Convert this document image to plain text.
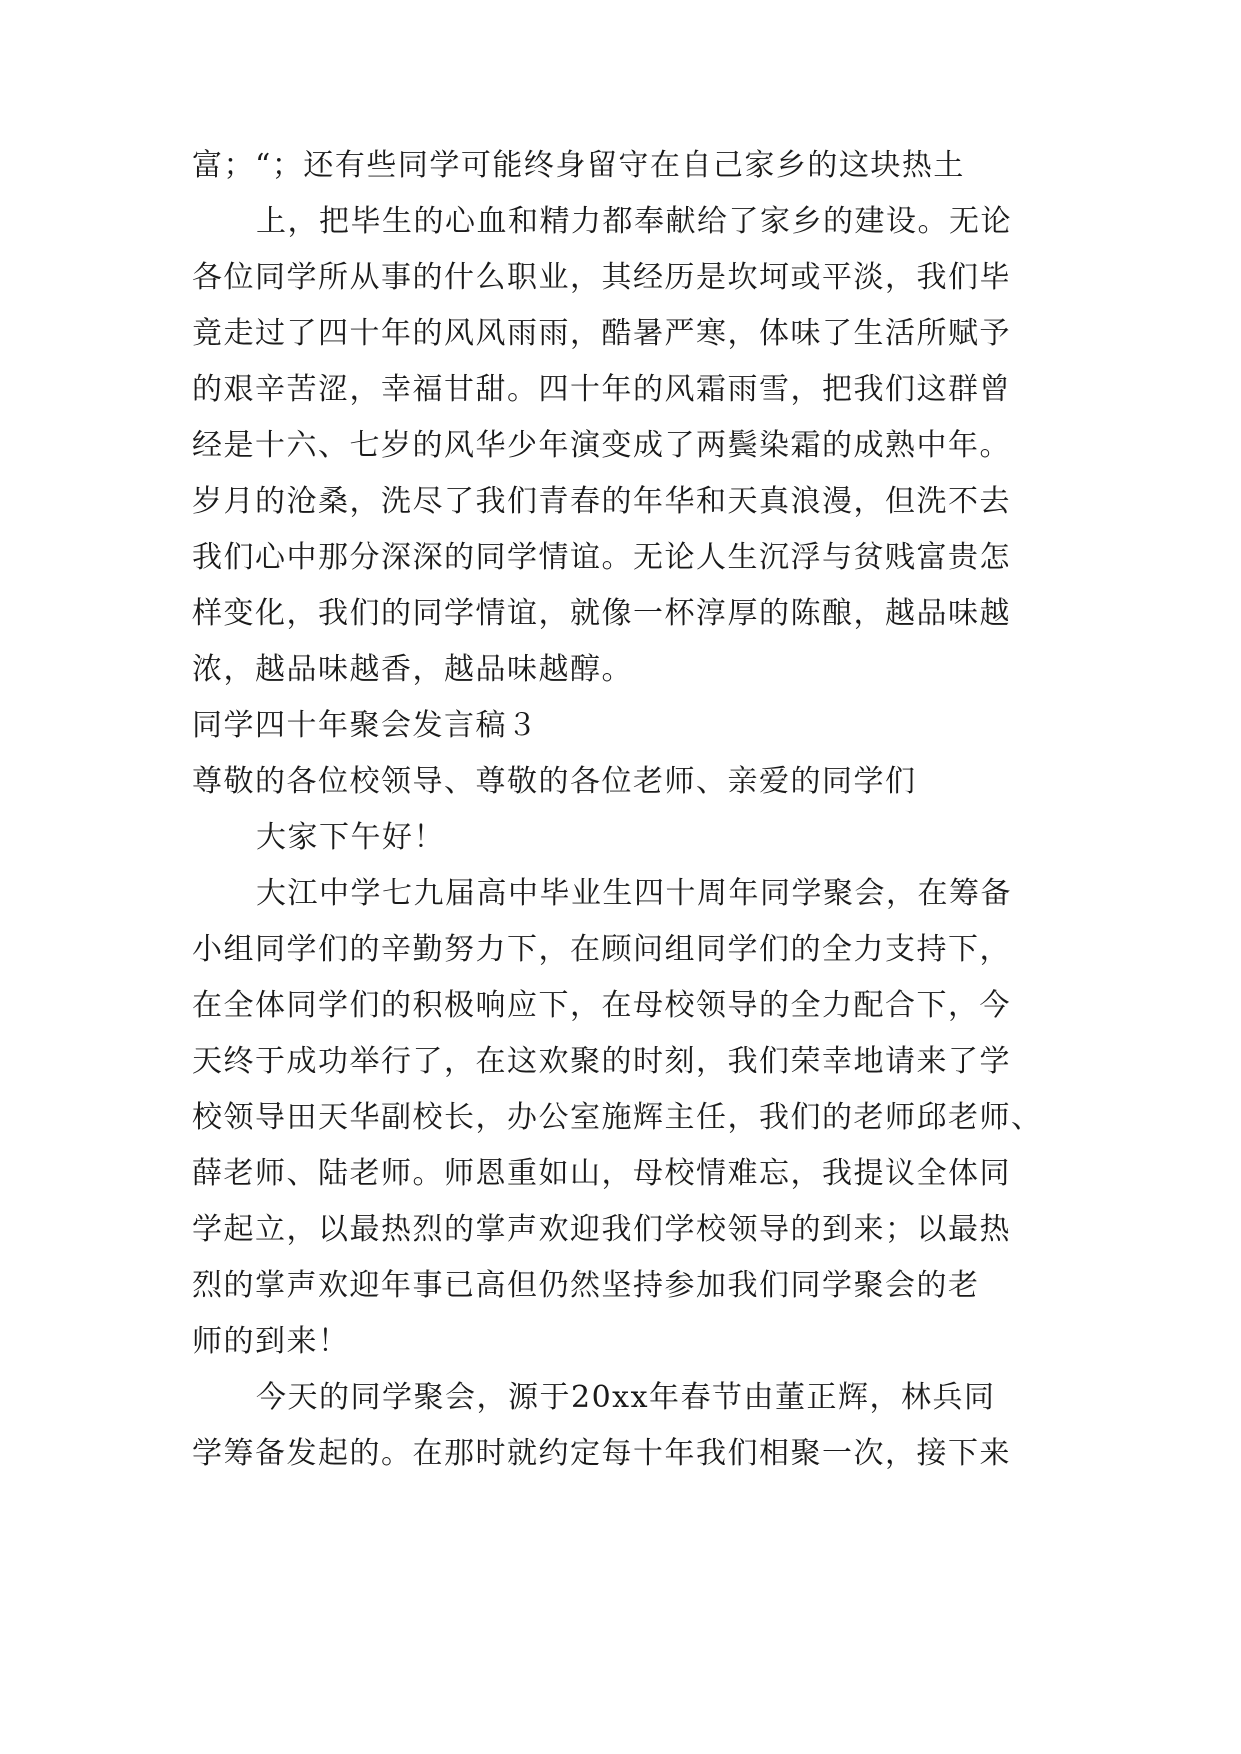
富；“；还有些同学可能终身留守在自己家乡的这块热土
上，把毕生的心血和精力都奉献给了家乡的建设。无论
各位同学所从事的什么职业，其经历是坎坷或平淡，我们毕
竟走过了四十年的风风雨雨，酷暑严寒，体味了生活所赋予
的艰辛苦涩，幸福甘甜。四十年的风霜雨雪，把我们这群曾
经是十六、七岁的风华少年演变成了两鬓染霜的成熟中年。
岁月的沧桑，洗尽了我们青春的年华和天真浪漫，但洗不去
我们心中那分深深的同学情谊。无论人生沉浮与贫贱富贵怎
样变化，我们的同学情谊，就像一杯淳厚的陈酿，越品味越
浓，越品味越香，越品味越醇。
同学四十年聚会发言稿３
尊敬的各位校领导、尊敬的各位老师、亲爱的同学们
大家下午好！
大江中学七九届高中毕业生四十周年同学聚会，在筹备
小组同学们的辛勤努力下，在顾问组同学们的全力支持下，
在全体同学们的积极响应下，在母校领导的全力配合下，今
天终于成功举行了，在这欢聚的时刻，我们荣幸地请来了学
校领导田天华副校长，办公室施辉主任，我们的老师邱老师、
薛老师、陆老师。师恩重如山，母校情难忘，我提议全体同
学起立，以最热烈的掌声欢迎我们学校领导的到来；以最热
烈的掌声欢迎年事已高但仍然坚持参加我们同学聚会的老
师的到来！
今天的同学聚会，源于20xx年春节由董正辉，林兵同
学筹备发起的。在那时就约定每十年我们相聚一次，接下来
